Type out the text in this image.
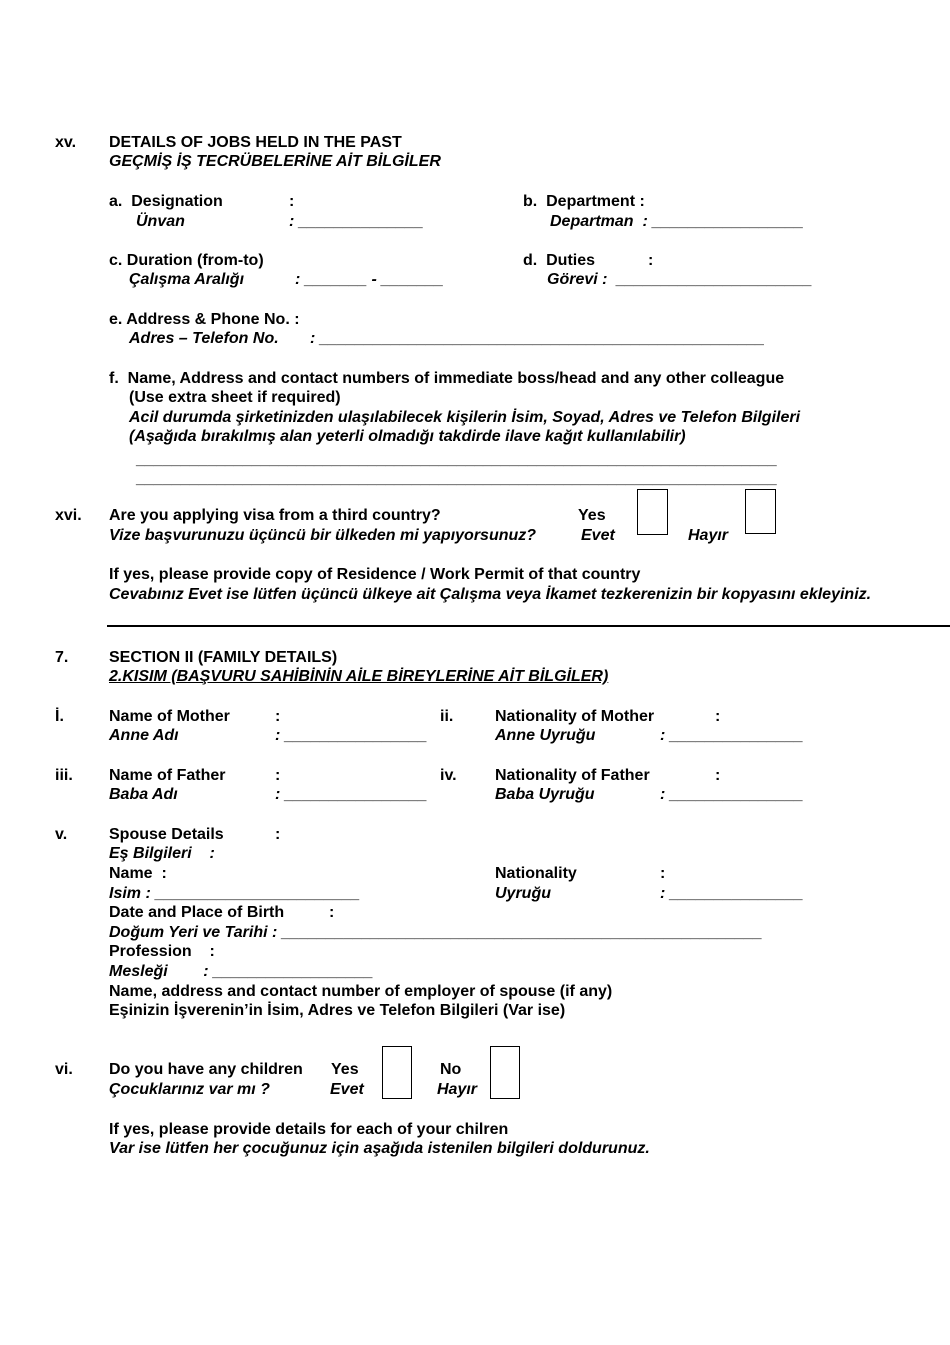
xv. DETAILS OF JOBS HELD IN THE PAST
GEÇMİŞ İŞ TECRÜBELERİNE AİT BİLGİLER
a.  Designation	:
Ünvan	: ______________
b.  Department :
Departman  : _________________
c. Duration (from-to)
Çalışma Aralığı	: _______ - _______
d.  Duties	:
Görevi :  ______________________
e. Address & Phone No. :
Adres – Telefon No. : __________________________________________________
f.  Name, Address and contact numbers of immediate boss/head and any other colleague
(Use extra sheet if required)
Acil durumda şirketinizden ulaşılabilecek kişilerin İsim, Soyad, Adres ve Telefon Bilgileri
(Aşağıda bırakılmış alan yeterli olmadığı takdirde ilave kağıt kullanılabilir)
________________________________________________________________________
________________________________________________________________________
xvi. Are you applying visa from a third country?
Vize başvurunuzu üçüncü bir ülkeden mi yapıyorsunuz?
Yes
Evet	Hayır
If yes, please provide copy of Residence / Work Permit of that country
Cevabınız Evet ise lütfen üçüncü ülkeye ait Çalışma veya İkamet tezkerenizin bir kopyasını ekleyiniz.
7.	SECTION II (FAMILY DETAILS)
2.KISIM (BAŞVURU SAHİBİNİN AİLE BİREYLERİNE AİT BİLGİLER)
İ.	Name of Mother	:
Anne Adı	: ________________
ii.	Nationality of Mother	:
Anne Uyruğu	: _______________
iii. Name of Father	:
Baba Adı	: ________________
iv. Nationality of Father	:
Baba Uyruğu	: _______________
v.	Spouse Details	:
Eş Bilgileri    :
Name  :
Isim : _______________________
Nationality	:
Uyruğu	: _______________
Date and Place of Birth	:
Doğum Yeri ve Tarihi : ______________________________________________________
Profession    :
Mesleği        : __________________
Name, address and contact number of employer of spouse (if any)
Eşinizin İşvereninʼin İsim, Adres ve Telefon Bilgileri (Var ise)
vi. Do you have any children
Çocuklarınız var mı ?
Yes
Evet
No
Hayır
If yes, please provide details for each of your chilren
Var ise lütfen her çocuğunuz için aşağıda istenilen bilgileri doldurunuz.
